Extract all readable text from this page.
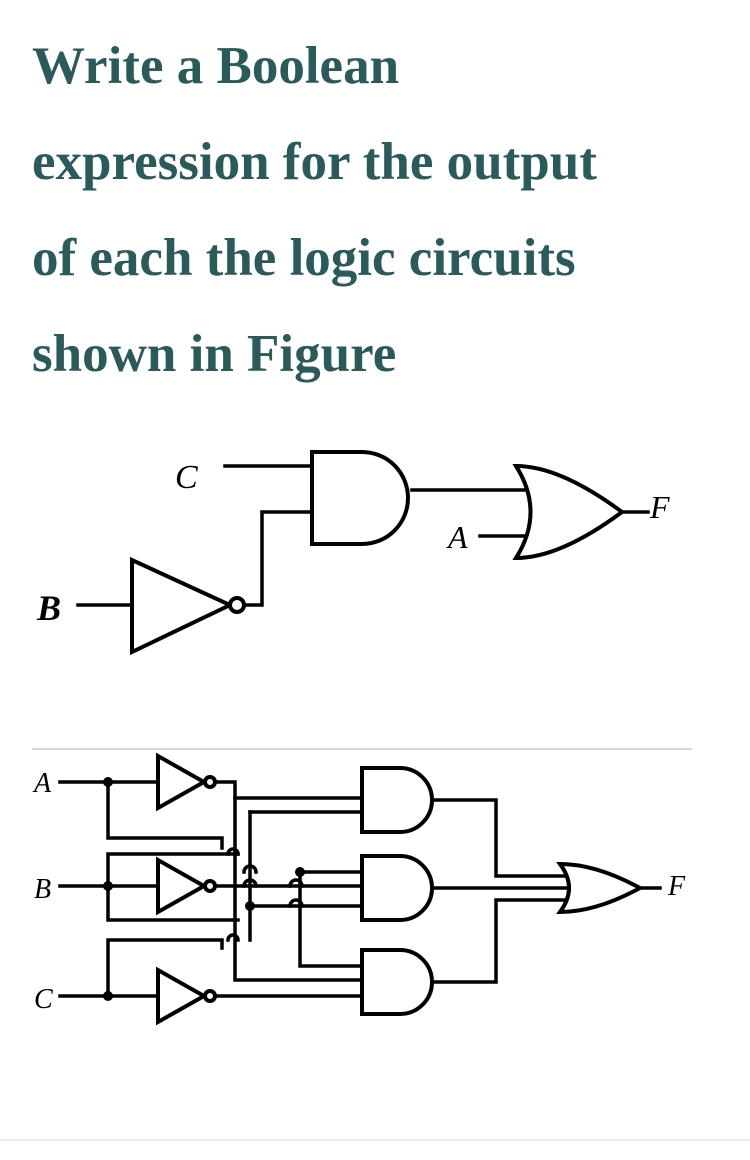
Write a Boolean
expression for the output
of each the logic circuits
shown in Figure
C
B
A
F
A
B
C
F
